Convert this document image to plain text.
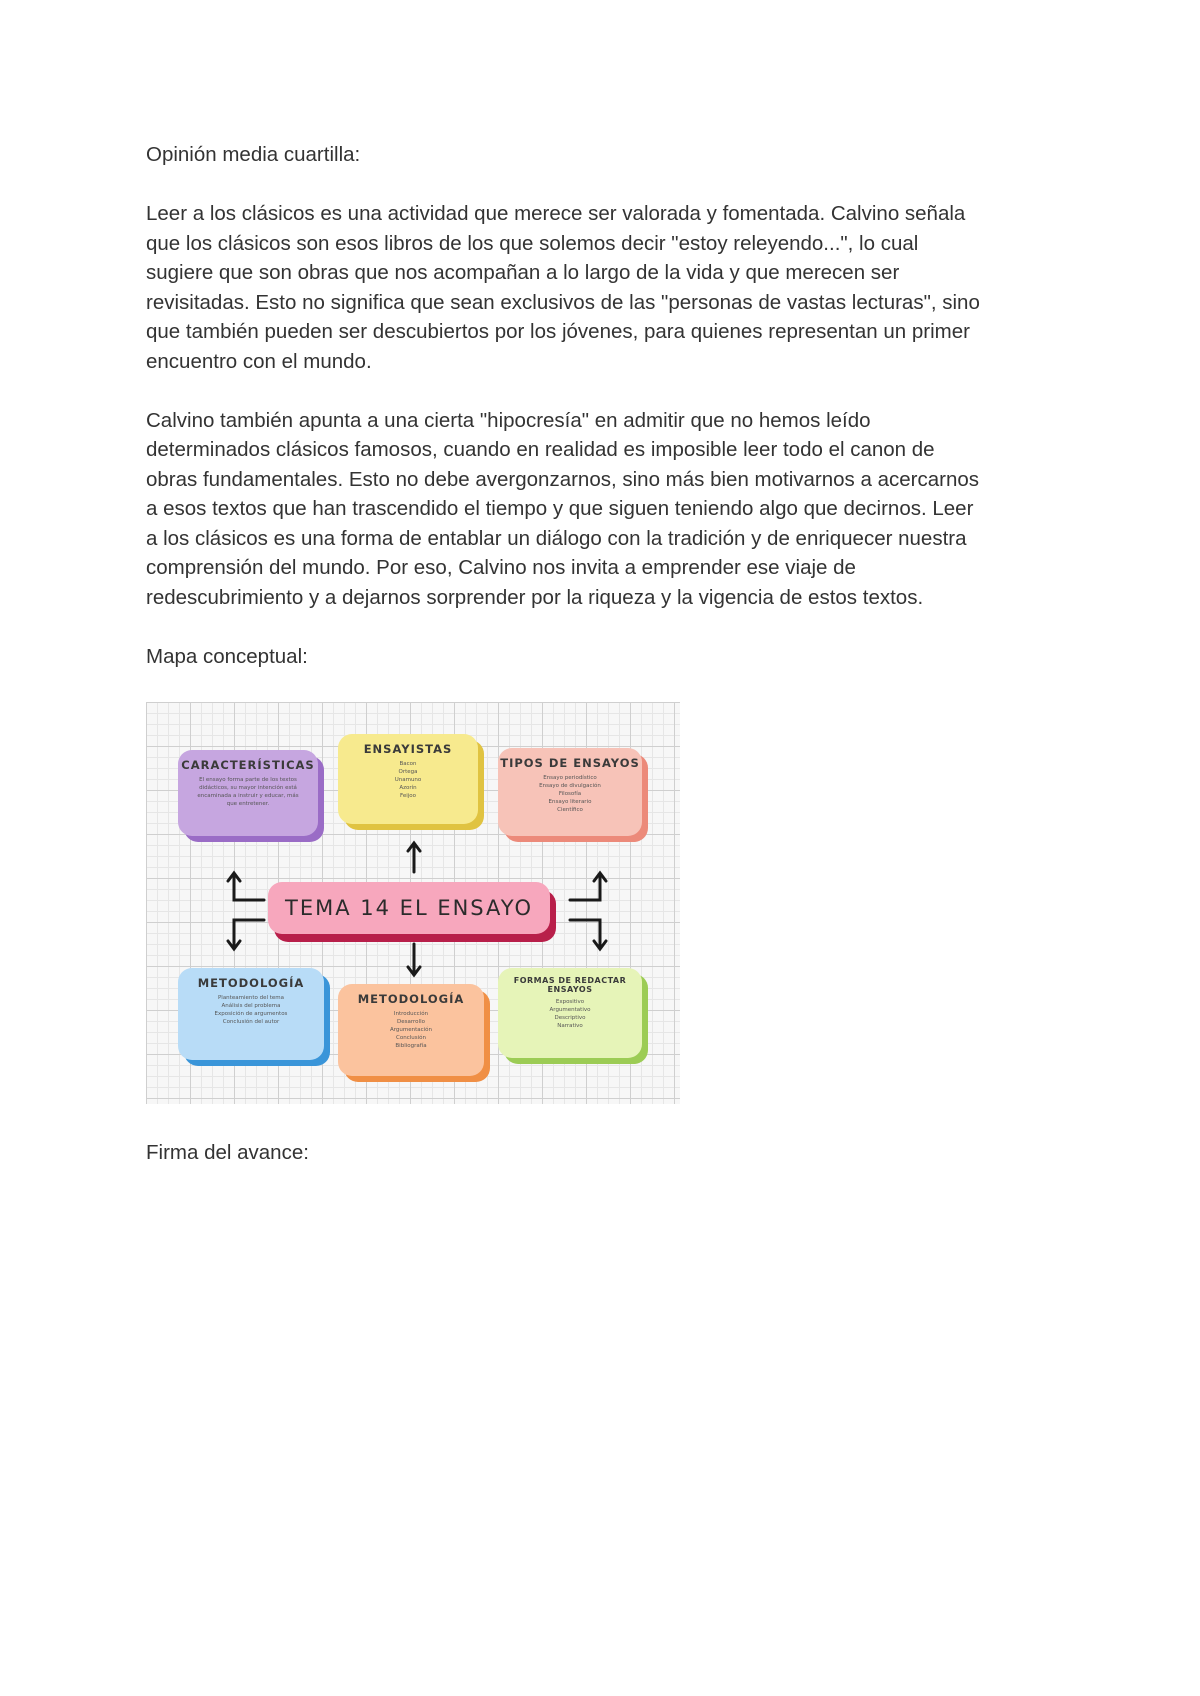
Opinión media cuartilla:

Leer a los clásicos es una actividad que merece ser valorada y fomentada. Calvino señala

que los clásicos son esos libros de los que solemos decir "estoy releyendo...", lo cual

sugiere que son obras que nos acompañan a lo largo de la vida y que merecen ser

revisitadas. Esto no significa que sean exclusivos de las "personas de vastas lecturas", sino

que también pueden ser descubiertos por los jóvenes, para quienes representan un primer

encuentro con el mundo.

Calvino también apunta a una cierta "hipocresía" en admitir que no hemos leído

determinados clásicos famosos, cuando en realidad es imposible leer todo el canon de

obras fundamentales. Esto no debe avergonzarnos, sino más bien motivarnos a acercarnos

a esos textos que han trascendido el tiempo y que siguen teniendo algo que decirnos. Leer

a los clásicos es una forma de entablar un diálogo con la tradición y de enriquecer nuestra

comprensión del mundo. Por eso, Calvino nos invita a emprender ese viaje de

redescubrimiento y a dejarnos sorprender por la riqueza y la vigencia de estos textos.

Mapa conceptual:

CARACTERÍSTICAS
El ensayo forma parte de los textos
didácticos, su mayor intención está
encaminada a instruir y educar, más
que entretener.
ENSAYISTAS
Bacon
Ortega
Unamuno
Azorín
Feijoo
TIPOS DE ENSAYOS
Ensayo periodístico
Ensayo de divulgación
Filosofía
Ensayo literario
Científico
TEMA 14 EL ENSAYO
METODOLOGÍA
Planteamiento del tema
Análisis del problema
Exposición de argumentos
Conclusión del autor
METODOLOGÍA
Introducción
Desarrollo
Argumentación
Conclusión
Bibliografía
FORMAS DE REDACTAR ENSAYOS
Expositivo
Argumentativo
Descriptivo
Narrativo

Firma del avance:
